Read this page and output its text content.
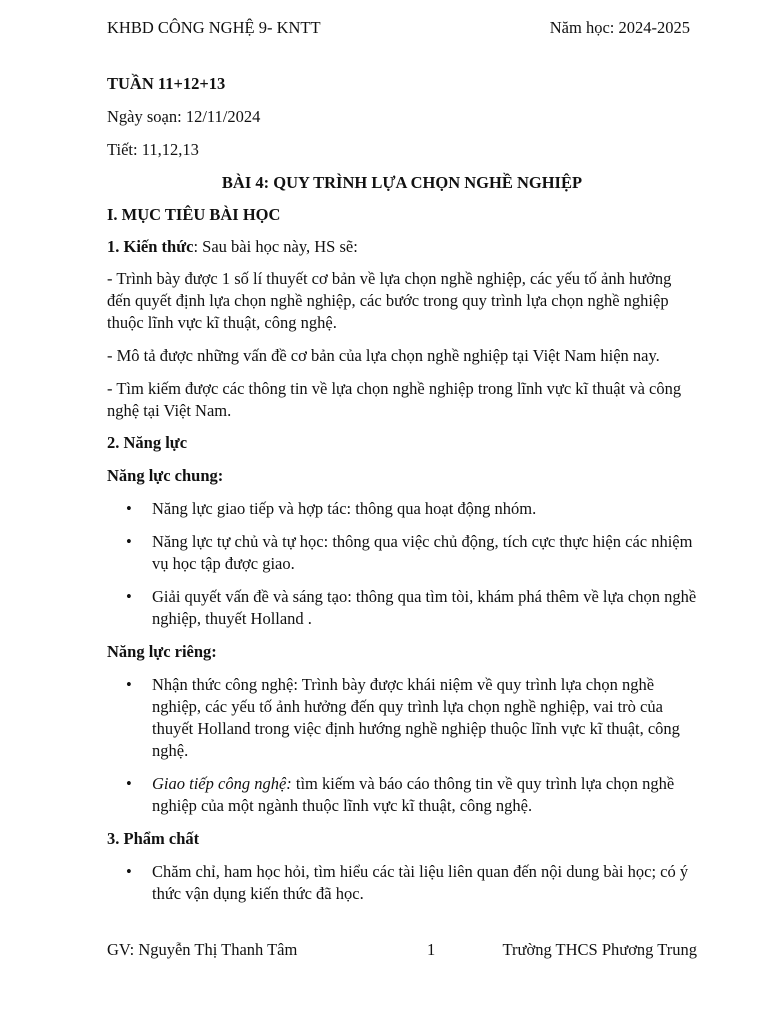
KHBD CÔNG NGHỆ 9- KNTT	Năm học: 2024-2025

TUẦN 11+12+13

Ngày soạn: 12/11/2024

Tiết: 11,12,13

BÀI 4: QUY TRÌNH LỰA CHỌN NGHỀ NGHIỆP

I. MỤC TIÊU BÀI HỌC

1. Kiến thức: Sau bài học này, HS sẽ:

- Trình bày được 1 số lí thuyết cơ bản về lựa chọn nghề nghiệp, các yếu tố ảnh hưởng đến quyết định lựa chọn nghề nghiệp, các bước trong quy trình lựa chọn nghề nghiệp thuộc lĩnh vực kĩ thuật, công nghệ.

- Mô tả được những vấn đề cơ bản của lựa chọn nghề nghiệp tại Việt Nam hiện nay.

- Tìm kiếm được các thông tin về lựa chọn nghề nghiệp trong lĩnh vực kĩ thuật và công nghệ tại Việt Nam.

2. Năng lực

Năng lực chung:

• Năng lực giao tiếp và hợp tác: thông qua hoạt động nhóm.
• Năng lực tự chủ và tự học: thông qua việc chủ động, tích cực thực hiện các nhiệm vụ học tập được giao.
• Giải quyết vấn đề và sáng tạo: thông qua tìm tòi, khám phá thêm về lựa chọn nghề nghiệp, thuyết Holland .

Năng lực riêng:

• Nhận thức công nghệ: Trình bày được khái niệm về quy trình lựa chọn nghề nghiệp, các yếu tố ảnh hưởng đến quy trình lựa chọn nghề nghiệp, vai trò của thuyết Holland trong việc định hướng nghề nghiệp thuộc lĩnh vực kĩ thuật, công nghệ.
• Giao tiếp công nghệ: tìm kiếm và báo cáo thông tin về quy trình lựa chọn nghề nghiệp của một ngành thuộc lĩnh vực kĩ thuật, công nghệ.

3. Phẩm chất

• Chăm chỉ, ham học hỏi, tìm hiểu các tài liệu liên quan đến nội dung bài học; có ý thức vận dụng kiến thức đã học.
GV: Nguyễn Thị Thanh Tâm	1	Trường THCS Phương Trung
